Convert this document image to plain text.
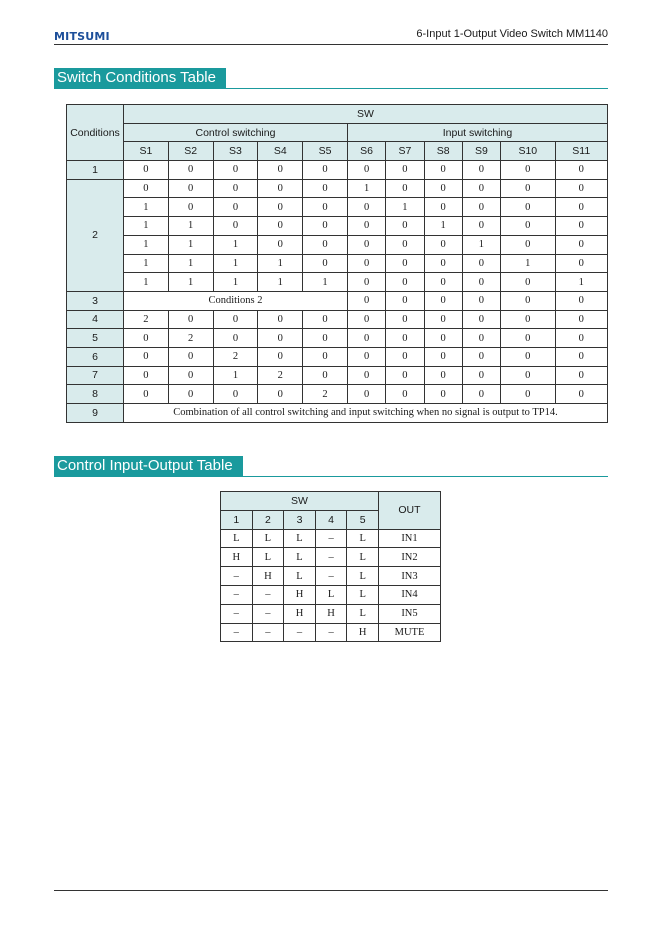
MITSUMI	6-Input 1-Output Video Switch MM1140
Switch Conditions Table
Conditions	SW										
	Control switching					Input switching					
	S1	S2	S3	S4	S5	S6	S7	S8	S9	S10	S11
1	0	0	0	0	0	0	0	0	0	0	0
2	0	0	0	0	0	1	0	0	0	0	0
	1	0	0	0	0	0	1	0	0	0	0
	1	1	0	0	0	0	0	1	0	0	0
	1	1	1	0	0	0	0	0	1	0	0
	1	1	1	1	0	0	0	0	0	1	0
	1	1	1	1	1	0	0	0	0	0	1
3	Conditions 2					0	0	0	0	0	0
4	2	0	0	0	0	0	0	0	0	0	0
5	0	2	0	0	0	0	0	0	0	0	0
6	0	0	2	0	0	0	0	0	0	0	0
7	0	0	1	2	0	0	0	0	0	0	0
8	0	0	0	0	2	0	0	0	0	0	0
9	Combination of all control switching and input switching when no signal is output to TP14.										
Control Input-Output Table
SW					OUT
1	2	3	4	5	
L	L	L	–	L	IN1
H	L	L	–	L	IN2
–	H	L	–	L	IN3
–	–	H	L	L	IN4
–	–	H	H	L	IN5
–	–	–	–	H	MUTE
